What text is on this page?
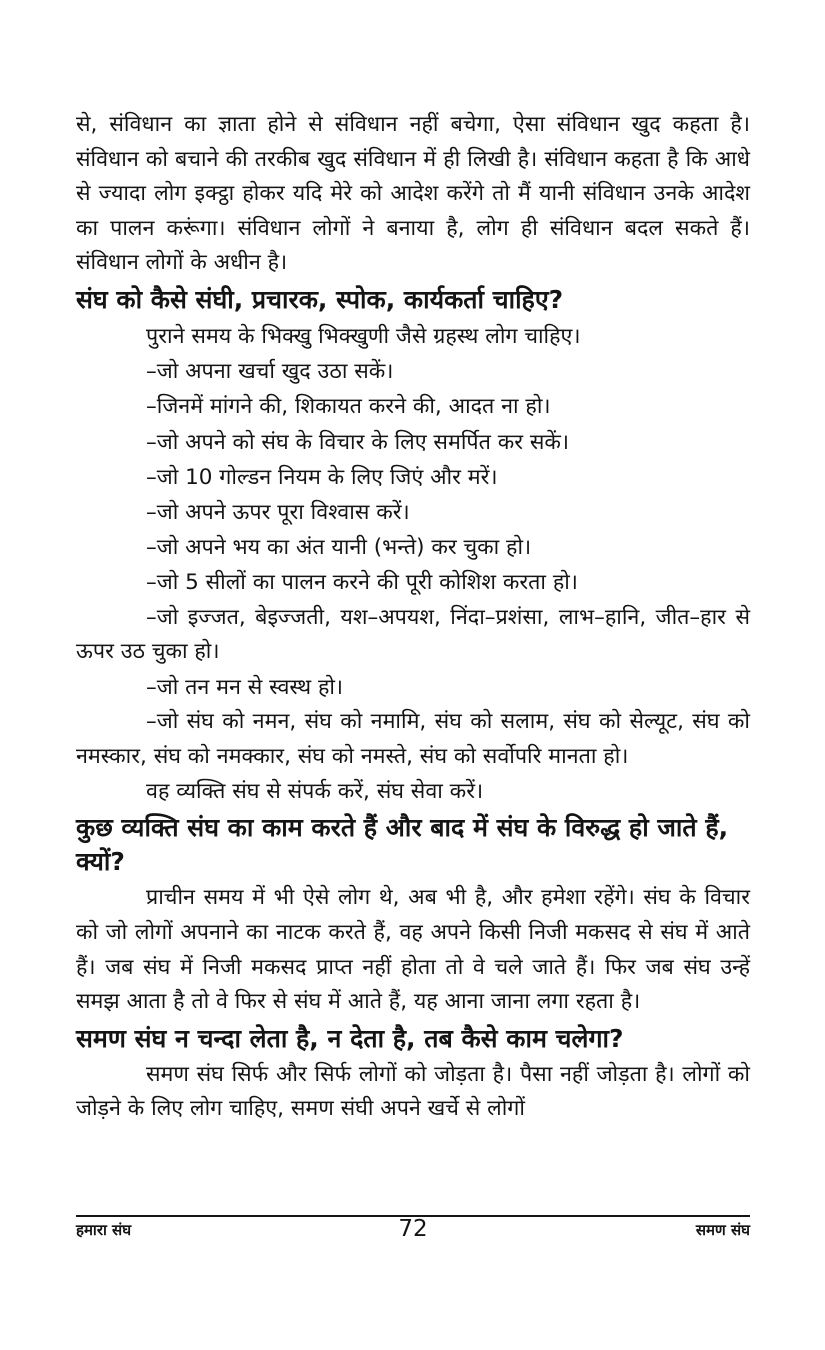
से, संविधान का ज्ञाता होने से संविधान नहीं बचेगा, ऐसा संविधान खुद कहता है। संविधान को बचाने की तरकीब खुद संविधान में ही लिखी है। संविधान कहता है कि आधे से ज्यादा लोग इक्ट्ठा होकर यदि मेरे को आदेश करेंगे तो मैं यानी संविधान उनके आदेश का पालन करूंगा। संविधान लोगों ने बनाया है, लोग ही संविधान बदल सकते हैं। संविधान लोगों के अधीन है।

संघ को कैसे संघी, प्रचारक, स्पोक, कार्यकर्ता चाहिए?

पुराने समय के भिक्खु भिक्खुणी जैसे ग्रहस्थ लोग चाहिए।

–जो अपना खर्चा खुद उठा सकें।

–जिनमें मांगने की, शिकायत करने की, आदत ना हो।

–जो अपने को संघ के विचार के लिए समर्पित कर सकें।

–जो 10 गोल्डन नियम के लिए जिएं और मरें।

–जो अपने ऊपर पूरा विश्वास करें।

–जो अपने भय का अंत यानी (भन्ते) कर चुका हो।

–जो 5 सीलों का पालन करने की पूरी कोशिश करता हो।

–जो इज्जत, बेइज्जती, यश–अपयश, निंदा–प्रशंसा, लाभ–हानि, जीत–हार से ऊपर उठ चुका हो।

–जो तन मन से स्वस्थ हो।

–जो संघ को नमन, संघ को नमामि, संघ को सलाम, संघ को सेल्यूट, संघ को नमस्कार, संघ को नमक्कार, संघ को नमस्ते, संघ को सर्वोपरि मानता हो।

वह व्यक्ति संघ से संपर्क करें, संघ सेवा करें।

कुछ व्यक्ति संघ का काम करते हैं और बाद में संघ के विरुद्ध हो जाते हैं, क्यों?

प्राचीन समय में भी ऐसे लोग थे, अब भी है, और हमेशा रहेंगे। संघ के विचार को जो लोगों अपनाने का नाटक करते हैं, वह अपने किसी निजी मकसद से संघ में आते हैं। जब संघ में निजी मकसद प्राप्त नहीं होता तो वे चले जाते हैं। फिर जब संघ उन्हें समझ आता है तो वे फिर से संघ में आते हैं, यह आना जाना लगा रहता है।

समण संघ न चन्दा लेता है, न देता है, तब कैसे काम चलेगा?

समण संघ सिर्फ और सिर्फ लोगों को जोड़ता है। पैसा नहीं जोड़ता है। लोगों को जोड़ने के लिए लोग चाहिए, समण संघी अपने खर्चे से लोगों

हमारा संघ	72	समण संघ
